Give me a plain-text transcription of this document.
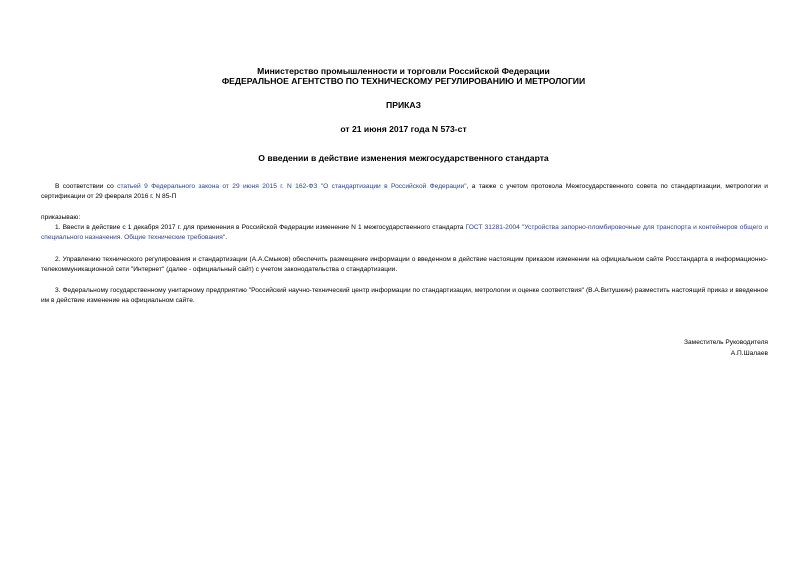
Министерство промышленности и торговли Российской Федерации
ФЕДЕРАЛЬНОЕ АГЕНТСТВО ПО ТЕХНИЧЕСКОМУ РЕГУЛИРОВАНИЮ И МЕТРОЛОГИИ
ПРИКАЗ
от 21 июня 2017 года N 573-ст
О введении в действие изменения межгосударственного стандарта
В соответствии со статьей 9 Федерального закона от 29 июня 2015 г. N 162-ФЗ "О стандартизации в Российской Федерации", а также с учетом протокола Межгосударственного совета по стандартизации, метрологии и сертификации от 29 февраля 2016 г. N 85-П
приказываю:
1. Ввести в действие с 1 декабря 2017 г. для применения в Российской Федерации изменение N 1 межгосударственного стандарта ГОСТ 31281-2004 "Устройства запорно-пломбировочные для транспорта и контейнеров общего и специального назначения. Общие технические требования".
2. Управлению технического регулирования и стандартизации (А.А.Смыков) обеспечить размещение информации о введенном в действие настоящим приказом изменении на официальном сайте Росстандарта в информационно-телекоммуникационной сети "Интернет" (далее - официальный сайт) с учетом законодательства о стандартизации.
3. Федеральному государственному унитарному предприятию "Российский научно-технический центр информации по стандартизации, метрологии и оценке соответствия" (В.А.Витушкин) разместить настоящий приказ и введенное им в действие изменение на официальном сайте.
Заместитель Руководителя
А.П.Шалаев
